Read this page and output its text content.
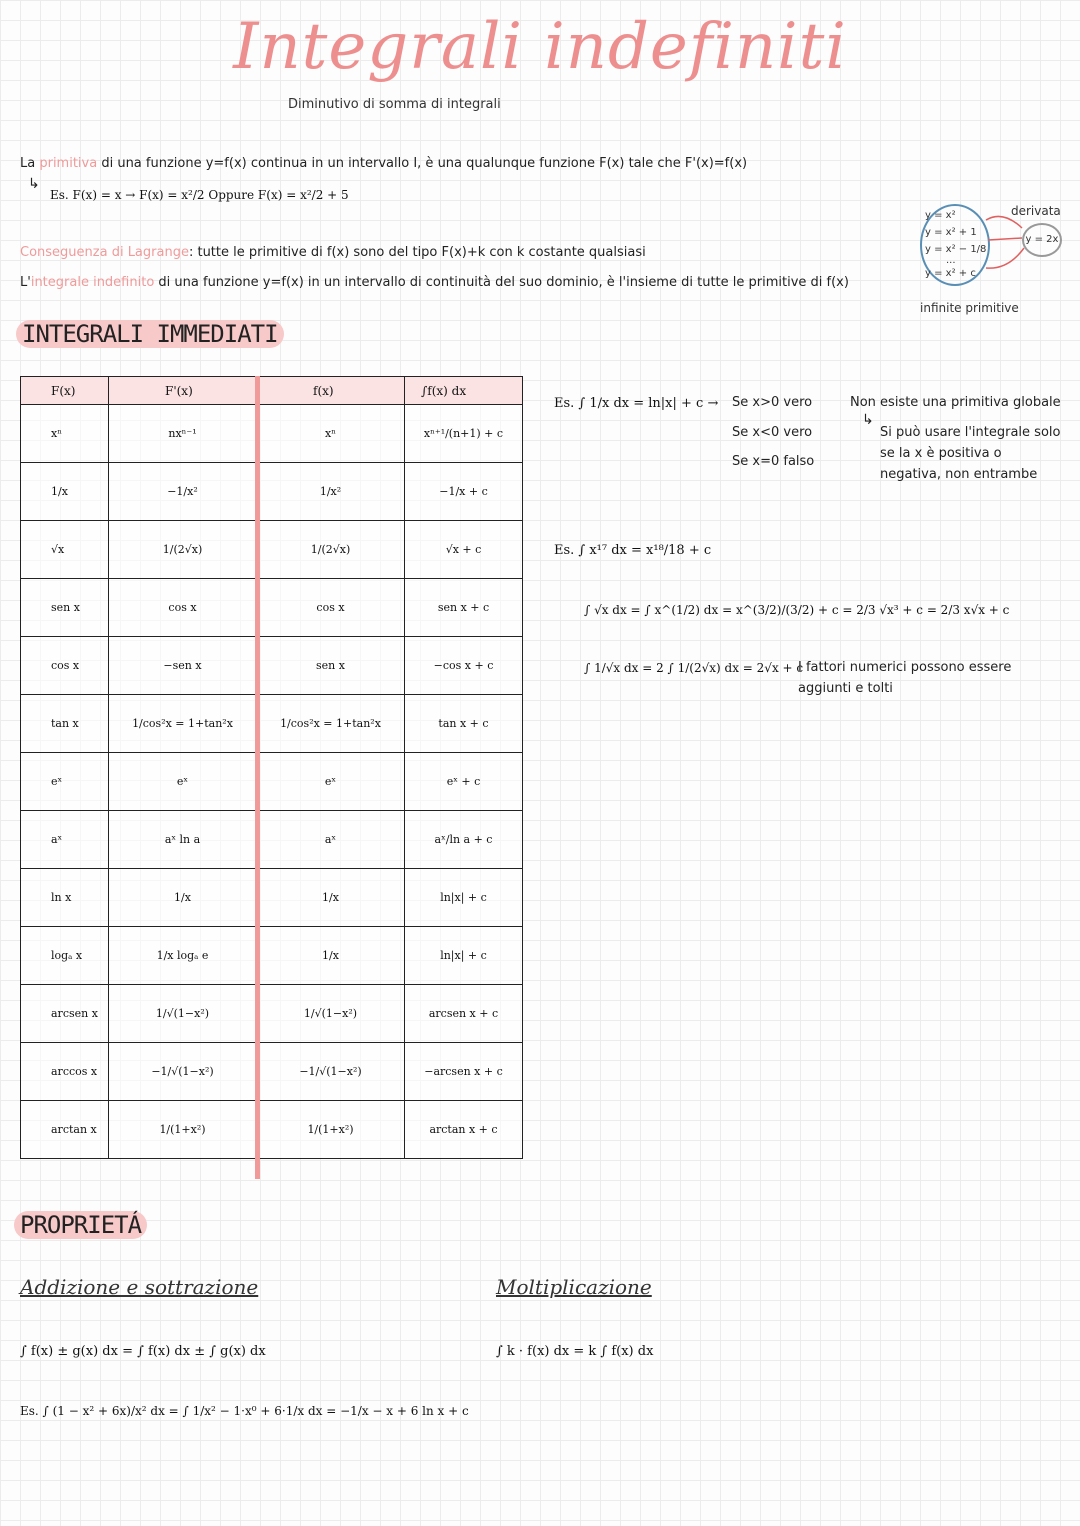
Integrali indefiniti
Diminutivo di somma di integrali
La primitiva di una funzione y=f(x) continua in un intervallo I, è una qualunque funzione F(x) tale che F'(x)=f(x)
↳
Es. F(x) = x → F(x) = x²/2 Oppure F(x) = x²/2 + 5
Conseguenza di Lagrange: tutte le primitive di f(x) sono del tipo F(x)+k con k costante qualsiasi
L'integrale indefinito di una funzione y=f(x) in un intervallo di continuità del suo dominio, è l'insieme di tutte le primitive di f(x)
y = x²
y = x² + 1
y = x² − 1/8
...
y = x² + c
derivata
y = 2x
infinite primitive
INTEGRALI IMMEDIATI
F(x)	F'(x)	f(x)	∫f(x) dx
xⁿ	nxⁿ⁻¹	xⁿ	xⁿ⁺¹/(n+1) + c
1/x	−1/x²	1/x²	−1/x + c
√x	1/(2√x)	1/(2√x)	√x + c
sen x	cos x	cos x	sen x + c
cos x	−sen x	sen x	−cos x + c
tan x	1/cos²x = 1+tan²x	1/cos²x = 1+tan²x	tan x + c
eˣ	eˣ	eˣ	eˣ + c
aˣ	aˣ ln a	aˣ	aˣ/ln a + c
ln x	1/x	1/x	ln|x| + c
logₐ x	1/x logₐ e	1/x	ln|x| + c
arcsen x	1/√(1−x²)	1/√(1−x²)	arcsen x + c
arccos x	−1/√(1−x²)	−1/√(1−x²)	−arcsen x + c
arctan x	1/(1+x²)	1/(1+x²)	arctan x + c
Es. ∫ 1/x dx = ln|x| + c → Se x>0 vero
Se x<0 vero
Se x=0 falso
Non esiste una primitiva globale
↳
Si può usare l'integrale solo
se la x è positiva o
negativa, non entrambe
Es. ∫ x¹⁷ dx = x¹⁸/18 + c
∫ √x dx = ∫ x^(1/2) dx = x^(3/2)/(3/2) + c = 2/3 √x³ + c = 2/3 x√x + c
∫ 1/√x dx = 2 ∫ 1/(2√x) dx = 2√x + c
I fattori numerici possono essere
aggiunti e tolti
PROPRIETÁ
Addizione e sottrazione	Moltiplicazione
∫ f(x) ± g(x) dx = ∫ f(x) dx ± ∫ g(x) dx	∫ k · f(x) dx = k ∫ f(x) dx
Es. ∫ (1 − x² + 6x)/x² dx = ∫ 1/x² − 1·x⁰ + 6·1/x dx = −1/x − x + 6 ln x + c
